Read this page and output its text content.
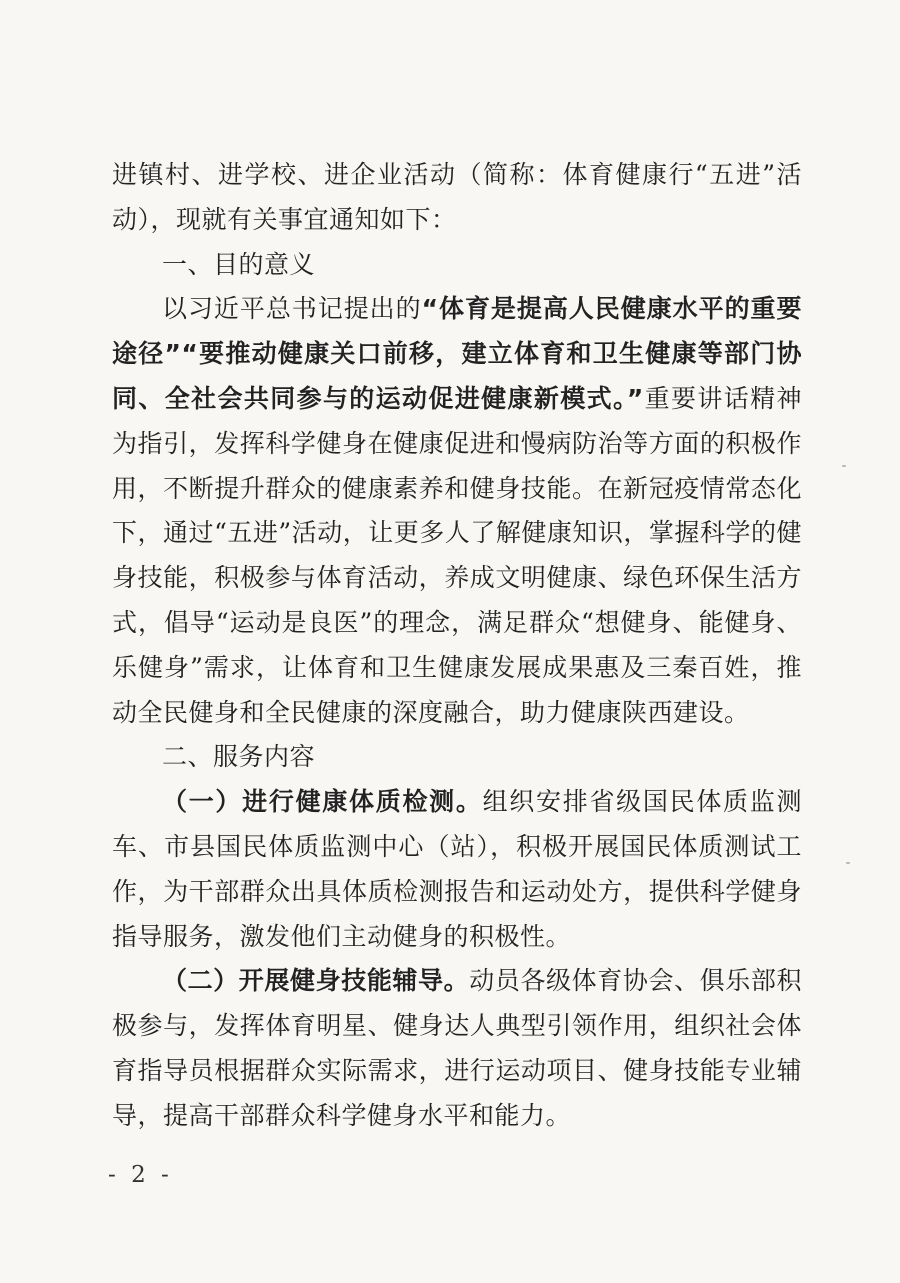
进镇村、进学校、进企业活动（简称：体育健康行“五进”活动），现就有关事宜通知如下：

一、目的意义

以习近平总书记提出的“体育是提高人民健康水平的重要途径”“要推动健康关口前移，建立体育和卫生健康等部门协同、全社会共同参与的运动促进健康新模式。”重要讲话精神为指引，发挥科学健身在健康促进和慢病防治等方面的积极作用，不断提升群众的健康素养和健身技能。在新冠疫情常态化下，通过“五进”活动，让更多人了解健康知识，掌握科学的健身技能，积极参与体育活动，养成文明健康、绿色环保生活方式，倡导“运动是良医”的理念，满足群众“想健身、能健身、乐健身”需求，让体育和卫生健康发展成果惠及三秦百姓，推动全民健身和全民健康的深度融合，助力健康陕西建设。

二、服务内容

（一）进行健康体质检测。组织安排省级国民体质监测车、市县国民体质监测中心（站），积极开展国民体质测试工作，为干部群众出具体质检测报告和运动处方，提供科学健身指导服务，激发他们主动健身的积极性。

（二）开展健身技能辅导。动员各级体育协会、俱乐部积极参与，发挥体育明星、健身达人典型引领作用，组织社会体育指导员根据群众实际需求，进行运动项目、健身技能专业辅导，提高干部群众科学健身水平和能力。

- 2 -
